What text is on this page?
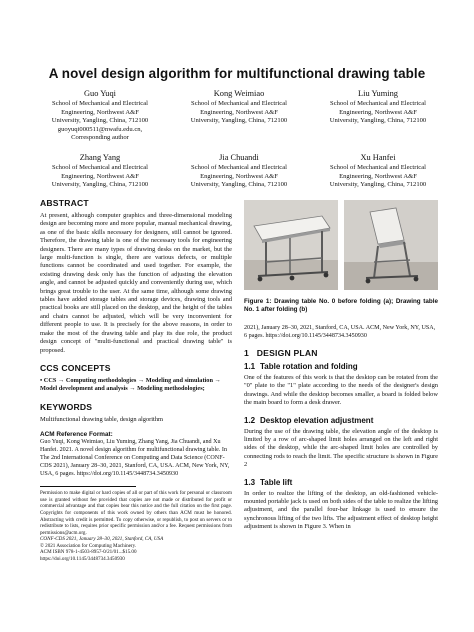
A novel design algorithm for multifunctional drawing table
Guo Yuqi
School of Mechanical and Electrical
Engineering, Northwest A&F
University, Yangling, China, 712100
guoyuqi000511@nwafu.edu.cn,
Corresponding author
Kong Weimiao
School of Mechanical and Electrical
Engineering, Northwest A&F
University, Yangling, China, 712100
Liu Yuming
School of Mechanical and Electrical
Engineering, Northwest A&F
University, Yangling, China, 712100
Zhang Yang
School of Mechanical and Electrical
Engineering, Northwest A&F
University, Yangling, China, 712100
Jia Chuandi
School of Mechanical and Electrical
Engineering, Northwest A&F
University, Yangling, China, 712100
Xu Hanfei
School of Mechanical and Electrical
Engineering, Northwest A&F
University, Yangling, China, 712100
ABSTRACT

At present, although computer graphics and three-dimensional modeling design are becoming more and more popular, manual mechanical drawing, as one of the basic skills necessary for designers, still cannot be ignored. Therefore, the drawing table is one of the necessary tools for engineering designers. There are many types of drawing desks on the market, but the large multi-function is single, there are various defects, or multiple functions cannot be coordinated and used together. For example, the existing drawing desk only has the function of adjusting the elevation angle, and cannot be adjusted quickly and conveniently during use, which brings great trouble to the user. At the same time, although some drawing tables have added storage tables and storage devices, drawing tools and practical books are still placed on the desktop, and the height of the tables and chairs cannot be adjusted, which will be very inconvenient for different people to use. It is precisely for the above reasons, in order to make the most of the drawing table and play its due role, the product design concept of "multi-functional and practical drawing table" is proposed.

CCS CONCEPTS

• CCS → Computing methodologies → Modeling and simulation → Model development and analysis → Modeling methodologies;

KEYWORDS

Multifunctional drawing table, design algorithm

ACM Reference Format:

Guo Yuqi, Kong Weimiao, Liu Yuming, Zhang Yang, Jia Chuandi, and Xu Hanfei. 2021. A novel design algorithm for multifunctional drawing table. In The 2nd International Conference on Computing and Data Science (CONF-CDS 2021), January 28–30, 2021, Stanford, CA, USA. ACM, New York, NY, USA, 6 pages. https://doi.org/10.1145/3448734.3450930

Permission to make digital or hard copies of all or part of this work for personal or classroom use is granted without fee provided that copies are not made or distributed for profit or commercial advantage and that copies bear this notice and the full citation on the first page. Copyrights for components of this work owned by others than ACM must be honored. Abstracting with credit is permitted. To copy otherwise, or republish, to post on servers or to redistribute to lists, requires prior specific permission and/or a fee. Request permissions from permissions@acm.org.

CONF-CDS 2021, January 28–30, 2021, Stanford, CA, USA

© 2021 Association for Computing Machinery.

ACM ISBN 978-1-4503-8957-0/21/01...$15.00

https://doi.org/10.1145/3448734.3450930

Figure 1: Drawing table No. 0 before folding (a); Drawing table No. 1 after folding (b)

2021), January 28–30, 2021, Stanford, CA, USA. ACM, New York, NY, USA, 6 pages. https://doi.org/10.1145/3448734.3450930

1 DESIGN PLAN
1.1 Table rotation and folding

One of the features of this work is that the desktop can be rotated from the "0" plate to the "1" plate according to the needs of the designer's design drawings. And while the desktop becomes smaller, a board is folded below the main board to form a desk drawer.

1.2 Desktop elevation adjustment

During the use of the drawing table, the elevation angle of the desktop is limited by a row of arc-shaped limit holes arranged on the left and right sides of the desktop, while the arc-shaped limit holes are controlled by connecting rods to reach the limit. The specific structure is shown in Figure 2

1.3 Table lift

In order to realize the lifting of the desktop, an old-fashioned vehicle-mounted portable jack is used on both sides of the table to realize the lifting adjustment, and the parallel four-bar linkage is used to ensure the synchronous lifting of the two lifts. The adjustment effect of desktop height adjustment is shown in Figure 3. When in
